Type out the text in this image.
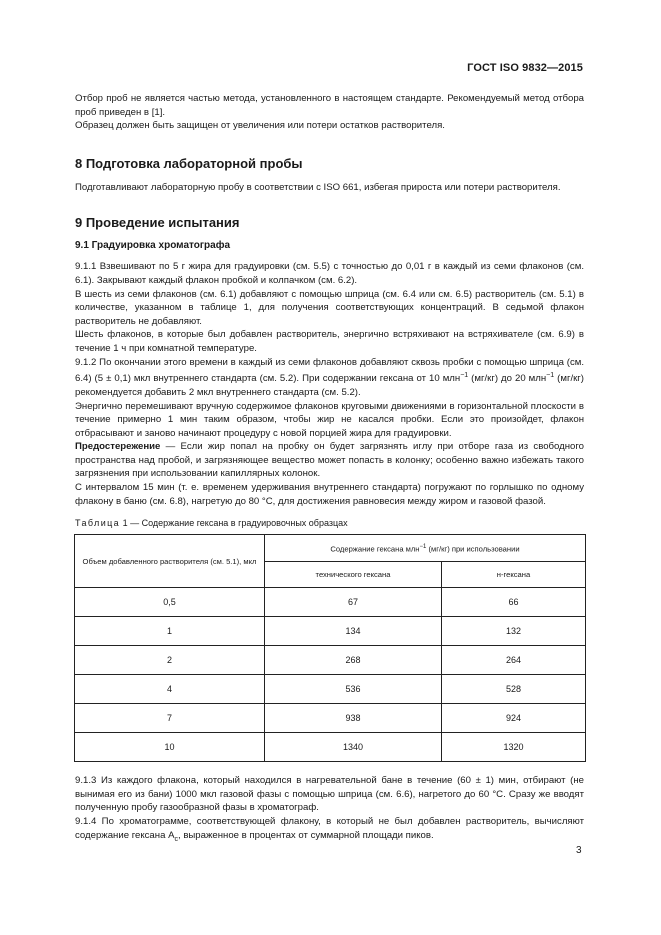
ГОСТ ISO 9832—2015

Отбор проб не является частью метода, установленного в настоящем стандарте. Рекомендуемый метод отбора проб приведен в [1].

Образец должен быть защищен от увеличения или потери остатков растворителя.

8 Подготовка лабораторной пробы

Подготавливают лабораторную пробу в соответствии с ISO 661, избегая прироста или потери растворителя.

9 Проведение испытания
9.1 Градуировка хроматографа

9.1.1 Взвешивают по 5 г жира для градуировки (см. 5.5) с точностью до 0,01 г в каждый из семи флаконов (см. 6.1). Закрывают каждый флакон пробкой и колпачком (см. 6.2).

В шесть из семи флаконов (см. 6.1) добавляют с помощью шприца (см. 6.4 или см. 6.5) растворитель (см. 5.1) в количестве, указанном в таблице 1, для получения соответствующих концентраций. В седьмой флакон растворитель не добавляют.

Шесть флаконов, в которые был добавлен растворитель, энергично встряхивают на встряхивателе (см. 6.9) в течение 1 ч при комнатной температуре.

9.1.2 По окончании этого времени в каждый из семи флаконов добавляют сквозь пробки с помощью шприца (см. 6.4) (5 ± 0,1) мкл внутреннего стандарта (см. 5.2). При содержании гексана от 10 млн$^{-1}$ (мг/кг) до 20 млн$^{-1}$ (мг/кг) рекомендуется добавить 2 мкл внутреннего стандарта (см. 5.2).

Энергично перемешивают вручную содержимое флаконов круговыми движениями в горизонтальной плоскости в течение примерно 1 мин таким образом, чтобы жир не касался пробки. Если это произойдет, флакон отбрасывают и заново начинают процедуру с новой порцией жира для градуировки.

Предостережение — Если жир попал на пробку он будет загрязнять иглу при отборе газа из свободного пространства над пробой, и загрязняющее вещество может попасть в колонку; особенно важно избежать такого загрязнения при использовании капиллярных колонок.

С интервалом 15 мин (т. е. временем удерживания внутреннего стандарта) погружают по горлышко по одному флакону в баню (см. 6.8), нагретую до 80 °С, для достижения равновесия между жиром и газовой фазой.

Таблица 1 — Содержание гексана в градуировочных образцах
Объем добавленного растворителя (см. 5.1), мкл	Содержание гексана млн$^{-1}$ (мг/кг) при использовании	
	технического гексана	н-гексана
0,5	67	66
1	134	132
2	268	264
4	536	528
7	938	924
10	1340	1320

9.1.3 Из каждого флакона, который находился в нагревательной бане в течение (60 ± 1) мин, отбирают (не вынимая его из бани) 1000 мкл газовой фазы с помощью шприца (см. 6.6), нагретого до 60 °С. Сразу же вводят полученную пробу газообразной фазы в хроматограф.

9.1.4 По хроматограмме, соответствующей флакону, в который не был добавлен растворитель, вычисляют содержание гексана $A_c$, выраженное в процентах от суммарной площади пиков.

3
